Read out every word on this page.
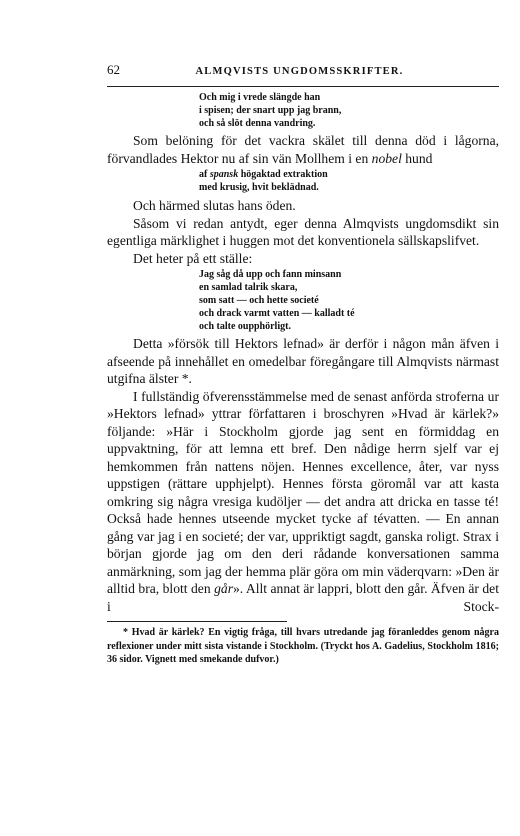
62	ALMQVISTS UNGDOMSSKRIFTER.
Och mig i vrede slängde han
i spisen; der snart upp jag brann,
och så slöt denna vandring.

Som belöning för det vackra skälet till denna död i lågorna, förvandlades Hektor nu af sin vän Mollhem i en nobel hund

af spansk högaktad extraktion
med krusig, hvit beklädnad.

Och härmed slutas hans öden.

Såsom vi redan antydt, eger denna Almqvists ungdomsdikt sin egentliga märklighet i huggen mot det konventionela sällskapslifvet.

Det heter på ett ställe:

Jag såg då upp och fann minsann
en samlad talrik skara,
som satt — och hette societé
och drack varmt vatten — kalladt té
och talte oupphörligt.

Detta »försök till Hektors lefnad» är derför i någon mån äfven i afseende på innehållet en omedelbar föregångare till Almqvists närmast utgifna älster *.

I fullständig öfverensstämmelse med de senast anförda stroferna ur »Hektors lefnad» yttrar författaren i broschyren »Hvad är kärlek?» följande: »Här i Stockholm gjorde jag sent en förmiddag en uppvaktning, för att lemna ett bref. Den nådige herrn sjelf var ej hemkommen från nattens nöjen. Hennes excellence, åter, var nyss uppstigen (rättare upphjelpt). Hennes första göromål var att kasta omkring sig några vresiga kudöljer — det andra att dricka en tasse té! Också hade hennes utseende mycket tycke af tévatten. — En annan gång var jag i en societé; der var, uppriktigt sagdt, ganska roligt. Strax i början gjorde jag om den deri rådande konversationen samma anmärkning, som jag der hemma plär göra om min väderqvarn: »Den är alltid bra, blott den går». Allt annat är lappri, blott den går. Äfven är det i Stock-

* Hvad är kärlek? En vigtig fråga, till hvars utredande jag föranleddes genom några reflexioner under mitt sista vistande i Stockholm. (Tryckt hos A. Gadelius, Stockholm 1816; 36 sidor. Vignett med smekande dufvor.)
